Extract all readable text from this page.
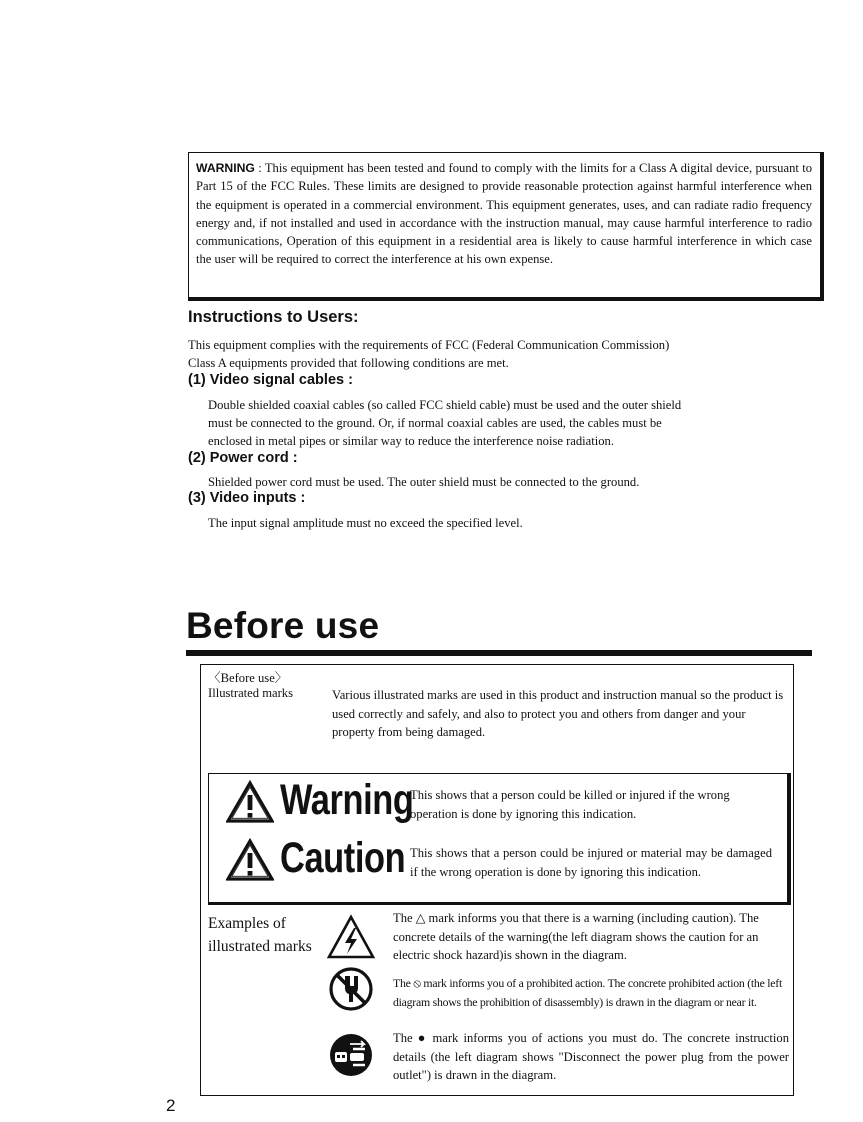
WARNING : This equipment has been tested and found to comply with the limits for a Class A digital device, pursuant to Part 15 of the FCC Rules. These limits are designed to provide reasonable protection against harmful interference when the equipment is operated in a commercial environment. This equipment generates, uses, and can radiate radio frequency energy and, if not installed and used in accordance with the instruction manual, may cause harmful interference to radio communications, Operation of this equipment in a residential area is likely to cause harmful interference in which case the user will be required to correct the interference at his own expense.
Instructions to Users:

This equipment complies with the requirements of FCC (Federal Communication Commission)

Class A equipments provided that following conditions are met.

(1) Video signal cables :

Double shielded coaxial cables (so called FCC shield cable) must be used and the outer shield

must be connected to the ground. Or, if normal coaxial cables are used, the cables must be

enclosed in metal pipes or similar way to reduce the interference noise radiation.

(2) Power cord :

Shielded power cord must be used. The outer shield must be connected to the ground.

(3) Video inputs :

The input signal amplitude must no exceed the specified level.

Before use
〈Before use〉
Illustrated marks	Various illustrated marks are used in this product and instruction manual so the product is used correctly and safely, and also to protect you and others from danger and your property from being damaged.
Warning
This shows that a person could be killed or injured if the wrong operation is done by ignoring this indication.
Caution This shows that a person could be injured or material may be damaged if the wrong operation is done by ignoring this indication.
Examples of
illustrated marks
The △ mark informs you that there is a warning (including caution). The concrete details of the warning(the left diagram shows the caution for an electric shock hazard)is shown in the diagram.
The ⦸ mark informs you of a prohibited action. The concrete prohibited action (the left diagram shows the prohibition of disassembly) is drawn in the diagram or near it.
The ● mark informs you of actions you must do. The concrete instruction details (the left diagram shows "Disconnect the power plug from the power outlet") is drawn in the diagram.
2
